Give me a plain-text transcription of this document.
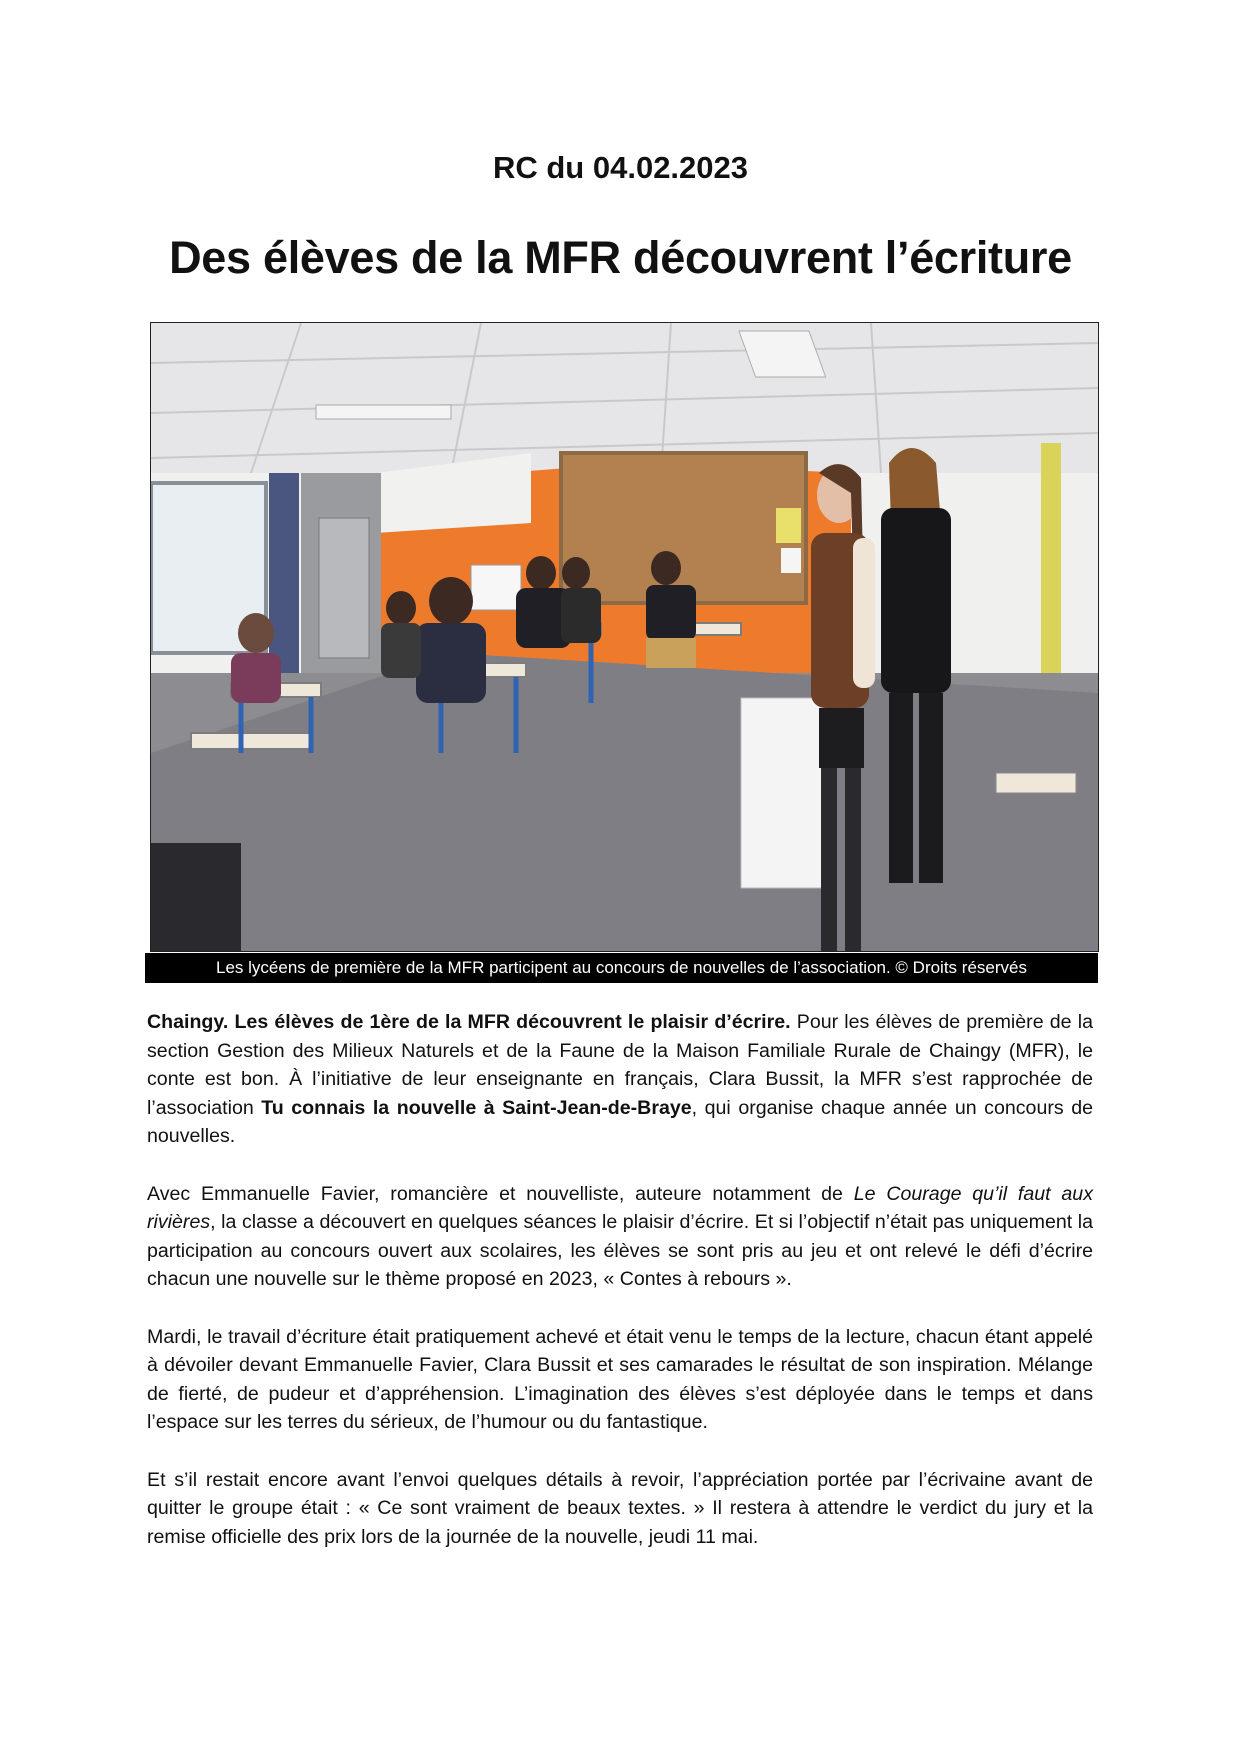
RC du 04.02.2023
Des élèves de la MFR découvrent l’écriture
Les lycéens de première de la MFR participent au concours de nouvelles de l’association. © Droits réservés

Chaingy. Les élèves de 1ère de la MFR découvrent le plaisir d’écrire. Pour les élèves de première de la section Gestion des Milieux Naturels et de la Faune de la Maison Familiale Rurale de Chaingy (MFR), le conte est bon. À l’initiative de leur enseignante en français, Clara Bussit, la MFR s’est rapprochée de l’association Tu connais la nouvelle à Saint-Jean-de-Braye, qui organise chaque année un concours de nouvelles.

Avec Emmanuelle Favier, romancière et nouvelliste, auteure notamment de Le Courage qu’il faut aux rivières, la classe a découvert en quelques séances le plaisir d’écrire. Et si l’objectif n’était pas uniquement la participation au concours ouvert aux scolaires, les élèves se sont pris au jeu et ont relevé le défi d’écrire chacun une nouvelle sur le thème proposé en 2023, « Contes à rebours ».

Mardi, le travail d’écriture était pratiquement achevé et était venu le temps de la lecture, chacun étant appelé à dévoiler devant Emmanuelle Favier, Clara Bussit et ses camarades le résultat de son inspiration. Mélange de fierté, de pudeur et d’appréhension. L’imagination des élèves s’est déployée dans le temps et dans l’espace sur les terres du sérieux, de l’humour ou du fantastique.

Et s’il restait encore avant l’envoi quelques détails à revoir, l’appréciation portée par l’écrivaine avant de quitter le groupe était : « Ce sont vraiment de beaux textes. » Il restera à attendre le verdict du jury et la remise officielle des prix lors de la journée de la nouvelle, jeudi 11 mai.
